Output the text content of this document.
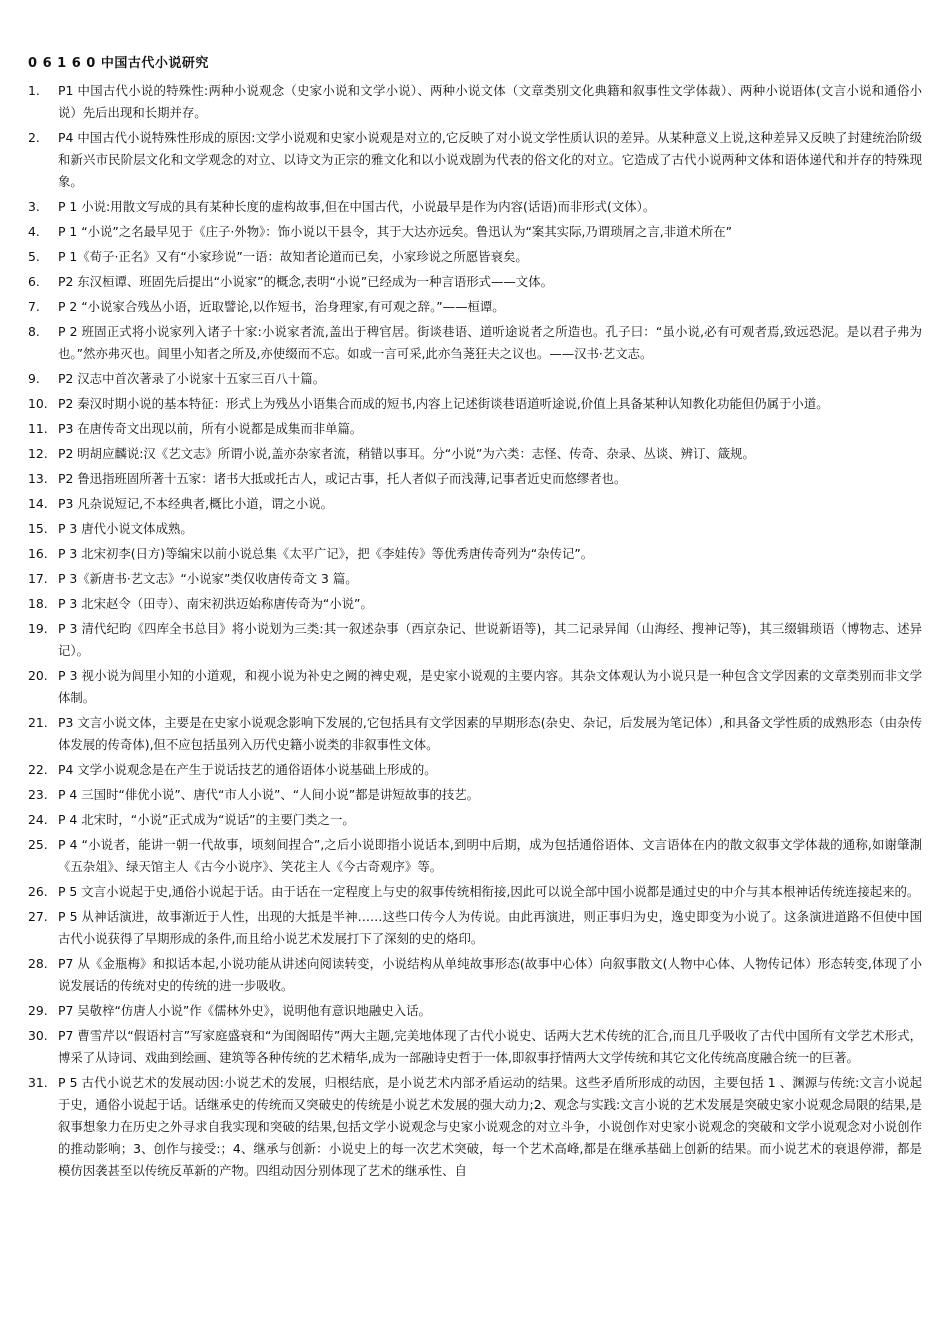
0 6 1 6 0 中国古代小说研究
1.	P1 中国古代小说的特殊性:两种小说观念（史家小说和文学小说）、两种小说文体（文章类别文化典籍和叙事性文学体裁）、两种小说语体(文言小说和通俗小说）先后出现和长期并存。
2.	P4 中国古代小说特殊性形成的原因:文学小说观和史家小说观是对立的,它反映了对小说文学性质认识的差异。从某种意义上说,这种差异又反映了封建统治阶级和新兴市民阶层文化和文学观念的对立、以诗文为正宗的雅文化和以小说戏剧为代表的俗文化的对立。它造成了古代小说两种文体和语体递代和并存的特殊现象。
3.	P 1 小说:用散文写成的具有某种长度的虚构故事,但在中国古代，小说最早是作为内容(话语)而非形式(文体）。
4.	P 1 “小说”之名最早见于《庄子·外物》：饰小说以干县令，其于大达亦远矣。鲁迅认为“案其实际,乃谓琐屑之言,非道术所在”
5.	P 1《荀子·正名》又有“小家珍说”一语：故知者论道而已矣，小家珍说之所愿皆衰矣。
6.	P2 东汉桓谭、班固先后提出“小说家”的概念,表明“小说”已经成为一种言语形式——文体。
7.	P 2 “小说家合残丛小语，近取譬论,以作短书，治身理家,有可观之辞。”——桓谭。
8.	P 2 班固正式将小说家列入诸子十家:小说家者流,盖出于稗官居。街谈巷语、道听途说者之所造也。孔子曰：“虽小说,必有可观者焉,致远恐泥。是以君子弗为也。”然亦弗灭也。闾里小知者之所及,亦使缀而不忘。如或一言可采,此亦刍荛狂夫之议也。——汉书·艺文志。
9.	P2 汉志中首次著录了小说家十五家三百八十篇。
10. P2 秦汉时期小说的基本特征：形式上为残丛小语集合而成的短书,内容上记述街谈巷语道听途说,价值上具备某种认知教化功能但仍属于小道。
11. P3 在唐传奇文出现以前，所有小说都是成集而非单篇。
12. P2 明胡应麟说:汉《艺文志》所谓小说,盖亦杂家者流，稍错以事耳。分“小说”为六类：志怪、传奇、杂录、丛谈、辨订、箴规。
13. P2 鲁迅指班固所著十五家：诸书大抵或托古人，或记古事，托人者似子而浅薄,记事者近史而悠缪者也。
14. P3 凡杂说短记,不本经典者,概比小道，谓之小说。
15. P 3 唐代小说文体成熟。
16. P 3 北宋初李(日方)等编宋以前小说总集《太平广记》，把《李娃传》等优秀唐传奇列为“杂传记”。
17. P 3《新唐书·艺文志》“小说家”类仅收唐传奇文 3 篇。
18. P 3 北宋赵令（田寺）、南宋初洪迈始称唐传奇为“小说”。
19. P 3 清代纪昀《四库全书总目》将小说划为三类:其一叙述杂事（西京杂记、世说新语等)，其二记录异闻（山海经、搜神记等)，其三缀辑琐语（博物志、述异记）。
20. P 3 视小说为闾里小知的小道观，和视小说为补史之阙的裨史观，是史家小说观的主要内容。其杂文体观认为小说只是一种包含文学因素的文章类别而非文学体制。
21. P3 文言小说文体，主要是在史家小说观念影响下发展的,它包括具有文学因素的早期形态(杂史、杂记，后发展为笔记体）,和具备文学性质的成熟形态（由杂传体发展的传奇体),但不应包括虽列入历代史籍小说类的非叙事性文体。
22. P4 文学小说观念是在产生于说话技艺的通俗语体小说基础上形成的。
23. P 4 三国时“俳优小说”、唐代“市人小说”、“人间小说”都是讲短故事的技艺。
24. P 4 北宋时，“小说”正式成为“说话”的主要门类之一。
25. P 4 “小说者，能讲一朝一代故事，顷刻间捏合”,之后小说即指小说话本,到明中后期，成为包括通俗语体、文言语体在内的散文叙事文学体裁的通称,如谢肇淛《五杂俎》、绿天馆主人《古今小说序》、笑花主人《今古奇观序》等。
26. P 5 文言小说起于史,通俗小说起于话。由于话在一定程度上与史的叙事传统相衔接,因此可以说全部中国小说都是通过史的中介与其本根神话传统连接起来的。
27. P 5 从神话演进，故事渐近于人性，出现的大抵是半神……这些口传今人为传说。由此再演进，则正事归为史，逸史即变为小说了。这条演进道路不但使中国古代小说获得了早期形成的条件,而且给小说艺术发展打下了深刻的史的烙印。
28. P7 从《金瓶梅》和拟话本起,小说功能从讲述向阅读转变，小说结构从单纯故事形态(故事中心体）向叙事散文(人物中心体、人物传记体）形态转变,体现了小说发展话的传统对史的传统的进一步吸收。
29. P7 吴敬梓“仿唐人小说”作《儒林外史》，说明他有意识地融史入话。
30. P7 曹雪芹以“假语村言”写家庭盛衰和“为闺阁昭传”两大主题,完美地体现了古代小说史、话两大艺术传统的汇合,而且几乎吸收了古代中国所有文学艺术形式，博采了从诗词、戏曲到绘画、建筑等各种传统的艺术精华,成为一部融诗史哲于一体,即叙事抒情两大文学传统和其它文化传统高度融合统一的巨著。
31. P 5 古代小说艺术的发展动因:小说艺术的发展，归根结底，是小说艺术内部矛盾运动的结果。这些矛盾所形成的动因，主要包括 1 、渊源与传统:文言小说起于史，通俗小说起于话。话继承史的传统而又突破史的传统是小说艺术发展的强大动力;2、观念与实践:文言小说的艺术发展是突破史家小说观念局限的结果,是叙事想象力在历史之外寻求自我实现和突破的结果,包括文学小说观念与史家小说观念的对立斗争，小说创作对史家小说观念的突破和文学小说观念对小说创作的推动影响；3、创作与接受:；4、继承与创新：小说史上的每一次艺术突破，每一个艺术高峰,都是在继承基础上创新的结果。而小说艺术的衰退停滞，都是模仿因袭甚至以传统反革新的产物。四组动因分别体现了艺术的继承性、自
